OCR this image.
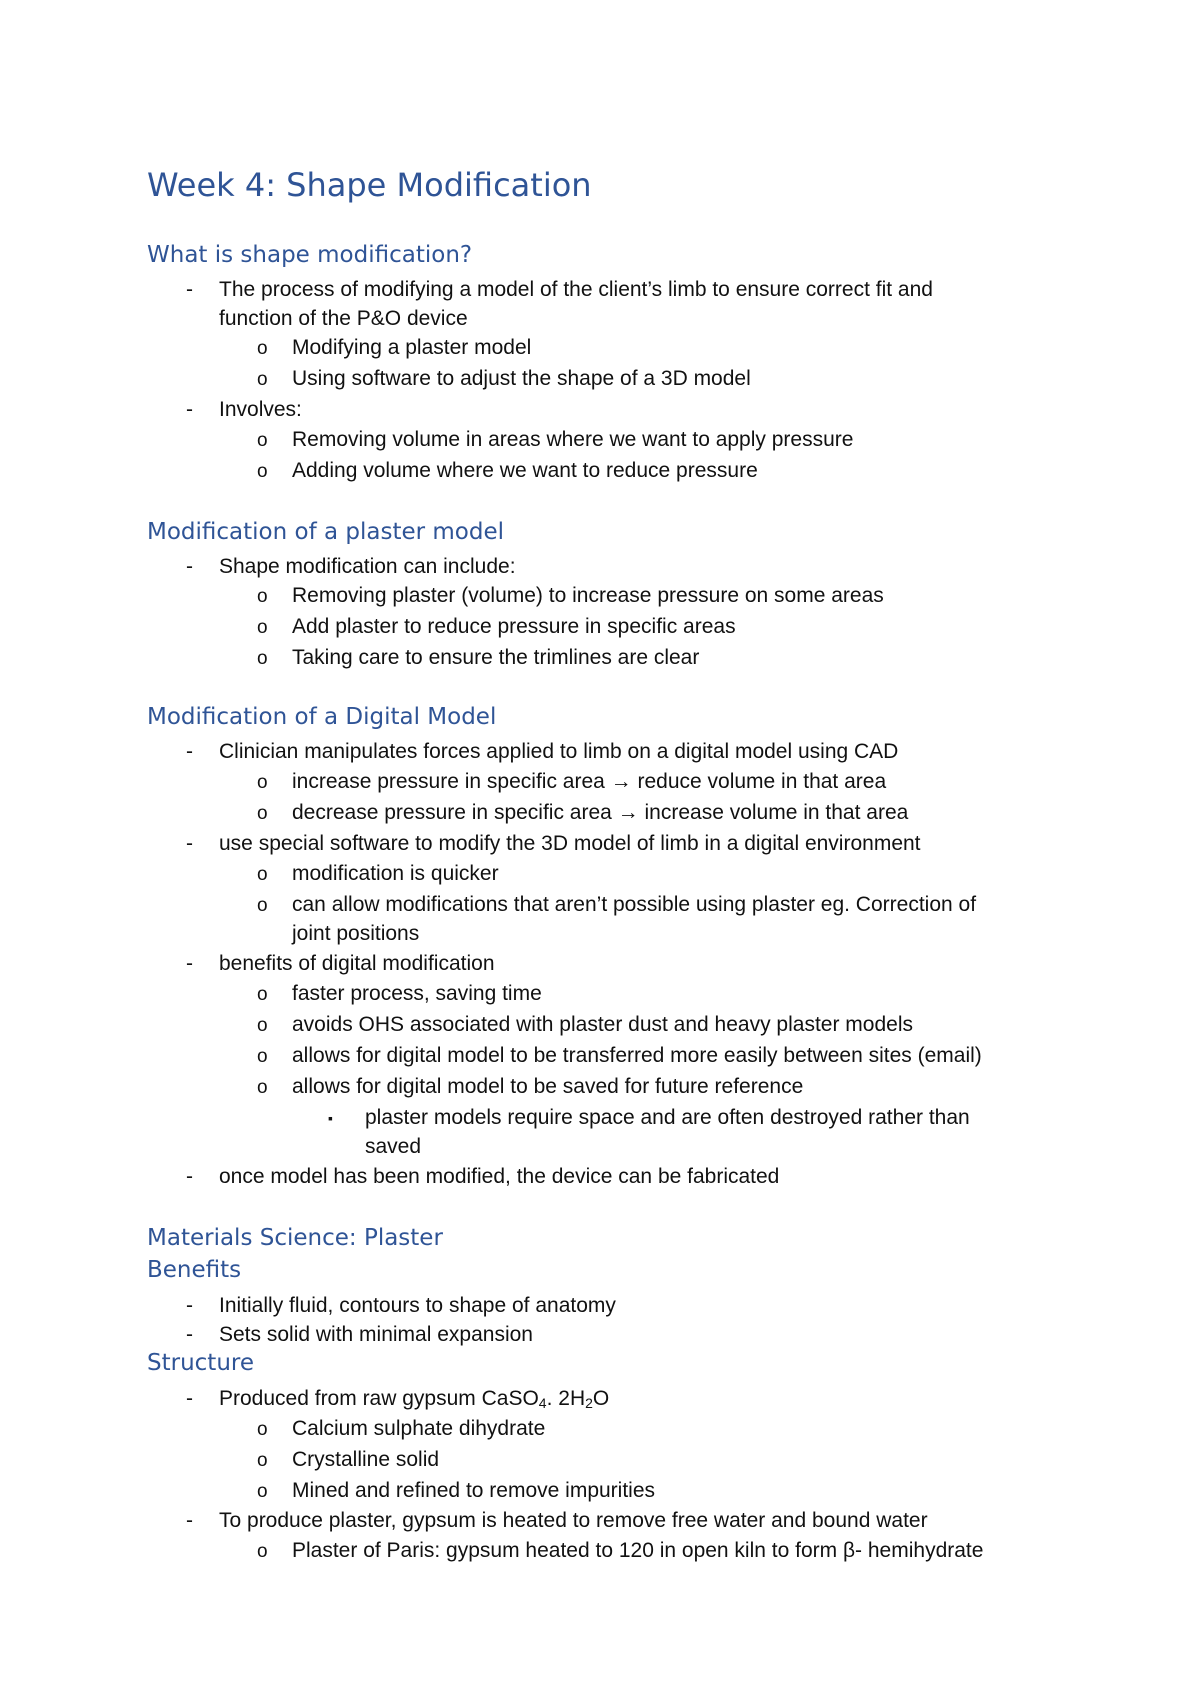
Week 4: Shape Modification
What is shape modification?
- The process of modifying a model of the client’s limb to ensure correct fit and
function of the P&O device
o Modifying a plaster model
o Using software to adjust the shape of a 3D model
- Involves:
o Removing volume in areas where we want to apply pressure
o Adding volume where we want to reduce pressure
Modification of a plaster model
- Shape modification can include:
o Removing plaster (volume) to increase pressure on some areas
o Add plaster to reduce pressure in specific areas
o Taking care to ensure the trimlines are clear
Modification of a Digital Model
- Clinician manipulates forces applied to limb on a digital model using CAD
o increase pressure in specific area → reduce volume in that area
o decrease pressure in specific area → increase volume in that area
- use special software to modify the 3D model of limb in a digital environment
o modification is quicker
o can allow modifications that aren’t possible using plaster eg. Correction of
joint positions
- benefits of digital modification
o faster process, saving time
o avoids OHS associated with plaster dust and heavy plaster models
o allows for digital model to be transferred more easily between sites (email)
o allows for digital model to be saved for future reference
▪ plaster models require space and are often destroyed rather than
saved
- once model has been modified, the device can be fabricated
Materials Science: Plaster
Benefits
- Initially fluid, contours to shape of anatomy
- Sets solid with minimal expansion
Structure
- Produced from raw gypsum CaSO$_4$. $2H_2O$
o Calcium sulphate dihydrate
o Crystalline solid
o Mined and refined to remove impurities
- To produce plaster, gypsum is heated to remove free water and bound water
o Plaster of Paris: gypsum heated to 120 in open kiln to form β- hemihydrate
